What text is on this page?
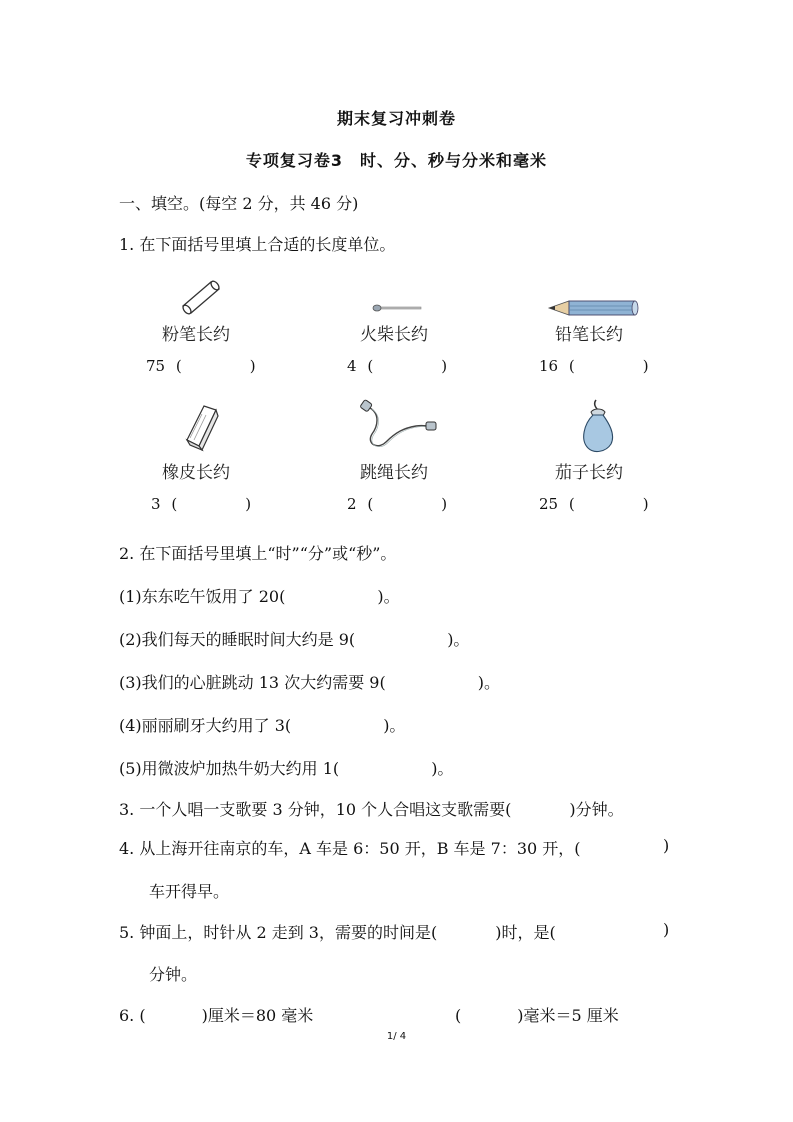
期末复习冲刺卷
专项复习卷3　时、分、秒与分米和毫米
一、填空。(每空 2 分，共 46 分)
1. 在下面括号里填上合适的长度单位。
粉笔长约	火柴长约	铅笔长约
75 (	)	4 (	)	16 (	)
橡皮长约	跳绳长约	茄子长约
3 (	)	2 (	)	25 (	)
2. 在下面括号里填上“时”“分”或“秒”。
(1)东东吃午饭用了 20(	)。
(2)我们每天的睡眠时间大约是 9(	)。
(3)我们的心脏跳动 13 次大约需要 9(	)。
(4)丽丽刷牙大约用了 3(	)。
(5)用微波炉加热牛奶大约用 1(	)。
3. 一个人唱一支歌要 3 分钟，10 个人合唱这支歌需要(	)分钟。
4. 从上海开往南京的车，A 车是 6：50 开，B 车是 7：30 开，(	)
车开得早。
5. 钟面上，时针从 2 走到 3，需要的时间是(	)时，是(	)
分钟。
6. (	)厘米＝80 毫米	(	)毫米＝5 厘米
1/ 4
